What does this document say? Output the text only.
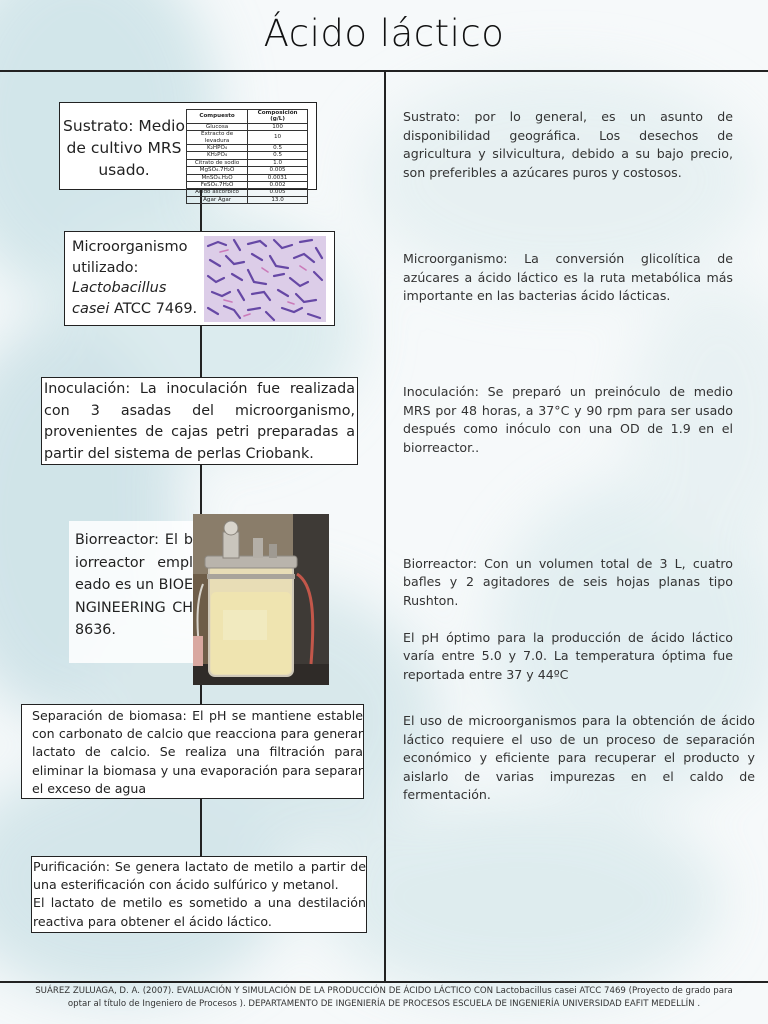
Ácido láctico
Sustrato: Medio de cultivo MRS usado.
Compuesto	Composición (g/L)
Glucosa	100
Extracto de levadura	10
K₂HPO₄	0.5
KH₂PO₄	0.5
Citrato de sodio	1.0
MgSO₄.7H₂O	0.005
MnSO₄.H₂O	0.0031
FeSO₄.7H₂O	0.002
Ácido ascórbico	0.005
Agar Agar	13.0
Microorganismo utilizado: Lactobacillus casei ATCC 7469.
Inoculación: La inoculación fue realizada con 3 asadas del microorganismo, provenientes de cajas petri preparadas a partir del sistema de perlas Criobank.
Biorreactor: El biorreactor empleado es un BIOENGINEERING CH 8636.
Separación de biomasa: El pH se mantiene estable con carbonato de calcio que reacciona para generar lactato de calcio. Se realiza una filtración para eliminar la biomasa y una evaporación para separar el exceso de agua
Purificación: Se genera lactato de metilo a partir de una esterificación con ácido sulfúrico y metanol.
El lactato de metilo es sometido a una destilación reactiva para obtener el ácido láctico.
Sustrato: por lo general, es un asunto de disponibilidad geográfica. Los desechos de agricultura y silvicultura, debido a su bajo precio, son preferibles a azúcares puros y costosos.
Microorganismo: La conversión glicolítica de azúcares a ácido láctico es la ruta metabólica más importante en las bacterias ácido lácticas.
Inoculación: Se preparó un preinóculo de medio MRS por 48 horas, a 37°C y 90 rpm para ser usado después como inóculo con una OD de 1.9 en el biorreactor..

Biorreactor: Con un volumen total de 3 L, cuatro bafles y 2 agitadores de seis hojas planas tipo Rushton.

El pH óptimo para la producción de ácido láctico varía entre 5.0 y 7.0. La temperatura óptima fue reportada entre 37 y 44ºC

El uso de microorganismos para la obtención de ácido láctico requiere el uso de un proceso de separación económico y eficiente para recuperar el producto y aislarlo de varias impurezas en el caldo de fermentación.
SUÁREZ ZULUAGA, D. A. (2007). EVALUACIÓN Y SIMULACIÓN DE LA PRODUCCIÓN DE ÁCIDO LÁCTICO CON Lactobacillus casei ATCC 7469 (Proyecto de grado para
optar al título de Ingeniero de Procesos ). DEPARTAMENTO DE INGENIERÍA DE PROCESOS ESCUELA DE INGENIERÍA UNIVERSIDAD EAFIT MEDELLÍN .
